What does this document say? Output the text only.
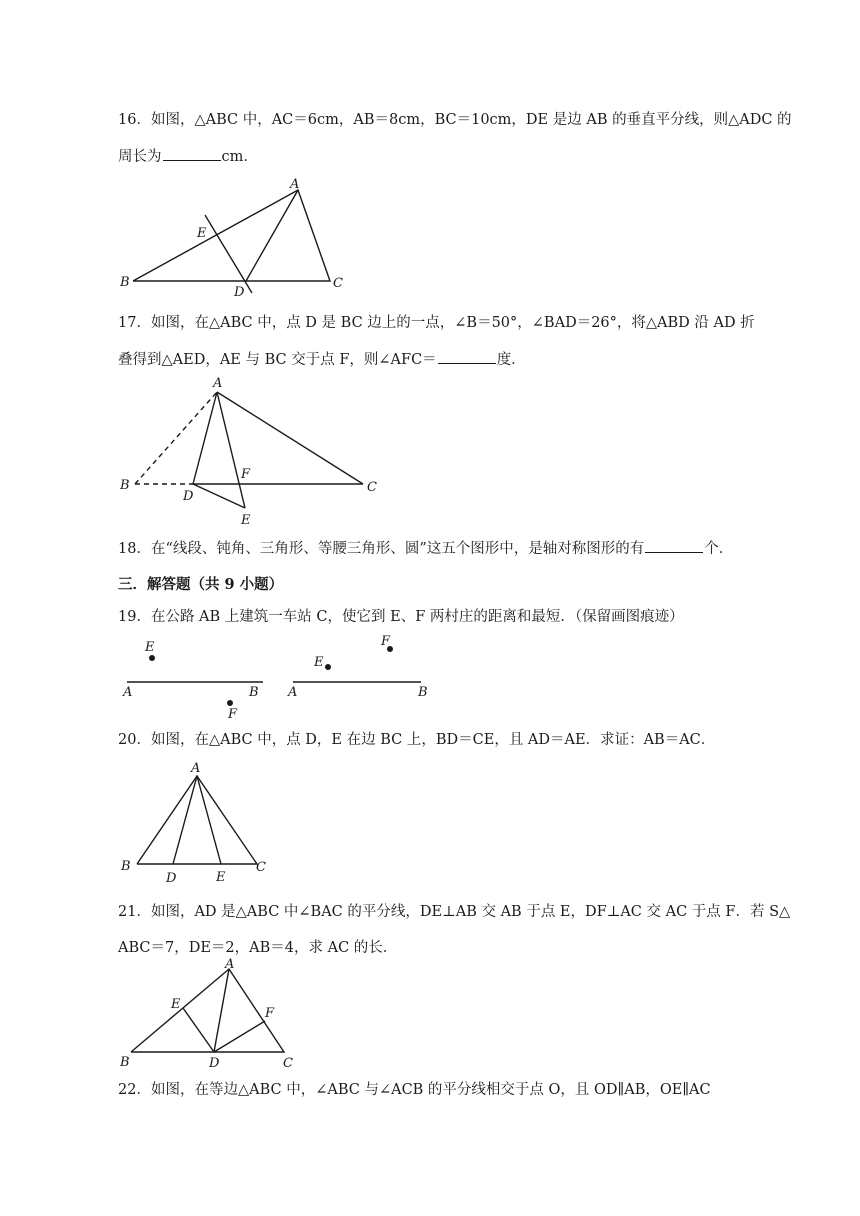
16．如图，△ABC 中，AC＝6cm，AB＝8cm，BC＝10cm，DE 是边 AB 的垂直平分线，则△ADC 的
周长为	cm．
A
B	C
D
E
17．如图，在△ABC 中，点 D 是 BC 边上的一点，∠B＝50°，∠BAD＝26°，将△ABD 沿 AD 折
叠得到△AED，AE 与 BC 交于点 F，则∠AFC＝	度．
A
B	C
D
E
F
18．在“线段、钝角、三角形、等腰三角形、圆”这五个图形中，是轴对称图形的有	个．
三．解答题（共 9 小题）
19．在公路 AB 上建筑一车站 C，使它到 E、F 两村庄的距离和最短．（保留画图痕迹）
E
F
A	B
E
F
A	B
20．如图，在△ABC 中，点 D，E 在边 BC 上，BD＝CE，且 AD＝AE．求证：AB＝AC．
A
B	C
D	E
21．如图，AD 是△ABC 中∠BAC 的平分线，DE⊥AB 交 AB 于点 E，DF⊥AC 交 AC 于点 F．若 S△
ABC＝7，DE＝2，AB＝4，求 AC 的长．
A
B	C
D
E
F
22．如图，在等边△ABC 中，∠ABC 与∠ACB 的平分线相交于点 O，且 OD∥AB，OE∥AC
